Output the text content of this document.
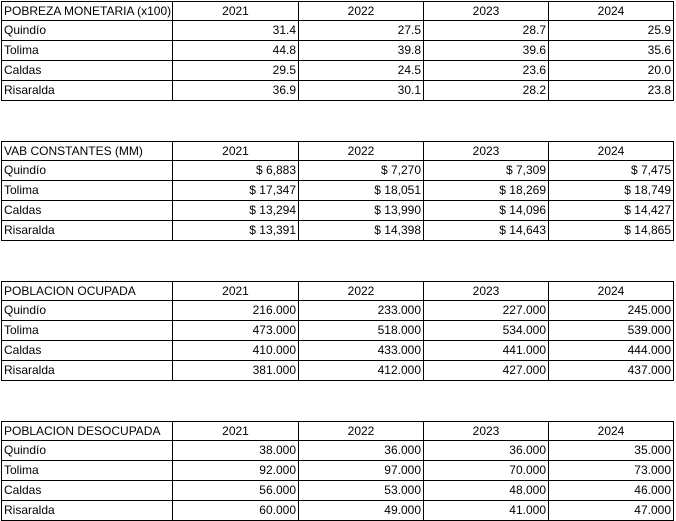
POBREZA MONETARIA (x100)	2021	2022	2023	2024
Quindío	31.4	27.5	28.7	25.9
Tolima	44.8	39.8	39.6	35.6
Caldas	29.5	24.5	23.6	20.0
Risaralda	36.9	30.1	28.2	23.8
VAB CONSTANTES (MM)	2021	2022	2023	2024
Quindío	$ 6,883	$ 7,270	$ 7,309	$ 7,475
Tolima	$ 17,347	$ 18,051	$ 18,269	$ 18,749
Caldas	$ 13,294	$ 13,990	$ 14,096	$ 14,427
Risaralda	$ 13,391	$ 14,398	$ 14,643	$ 14,865
POBLACION OCUPADA	2021	2022	2023	2024
Quindío	216.000	233.000	227.000	245.000
Tolima	473.000	518.000	534.000	539.000
Caldas	410.000	433.000	441.000	444.000
Risaralda	381.000	412.000	427.000	437.000
POBLACION DESOCUPADA	2021	2022	2023	2024
Quindío	38.000	36.000	36.000	35.000
Tolima	92.000	97.000	70.000	73.000
Caldas	56.000	53.000	48.000	46.000
Risaralda	60.000	49.000	41.000	47.000
